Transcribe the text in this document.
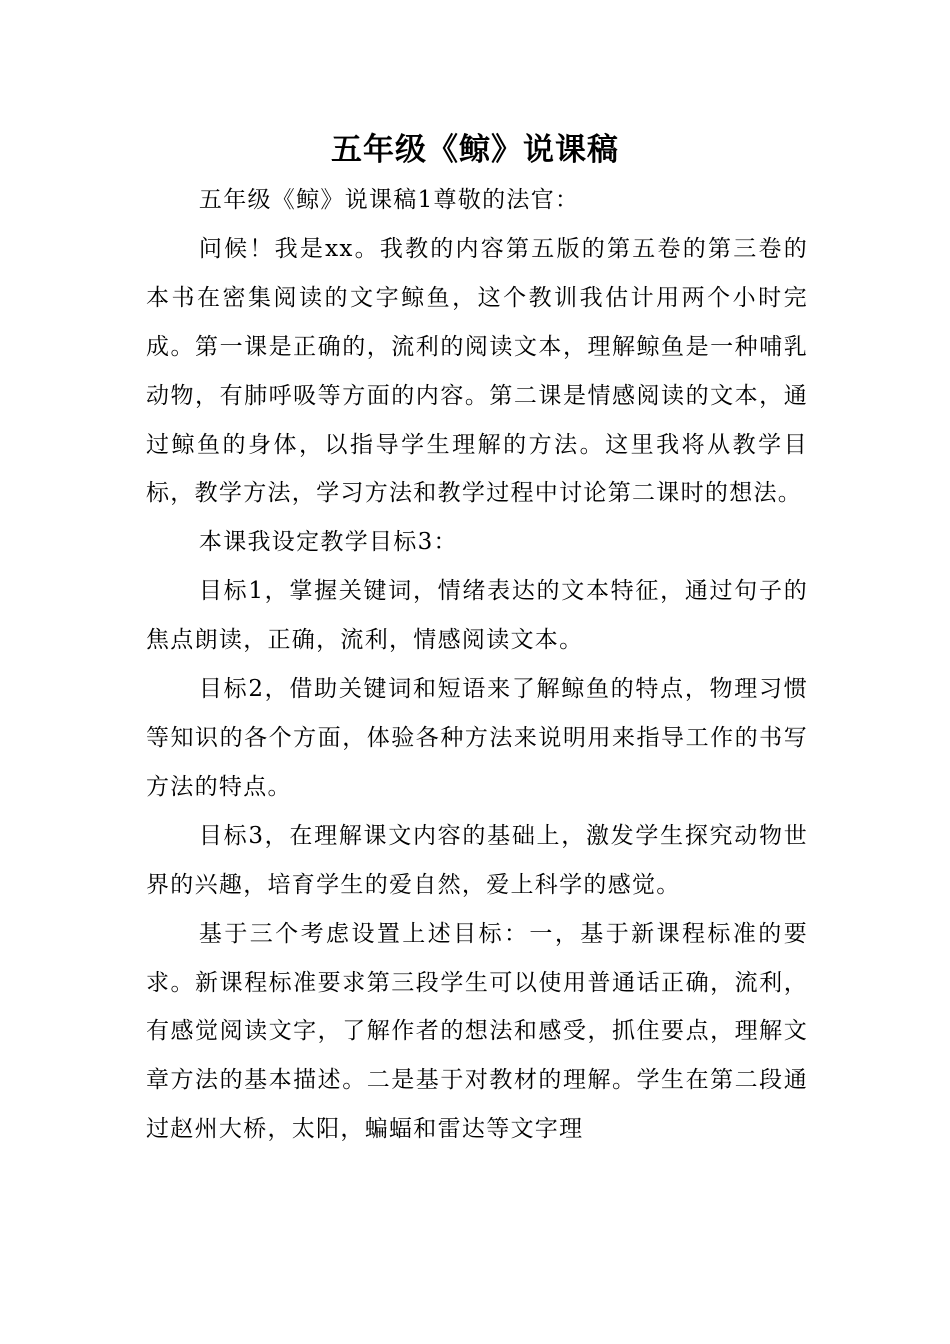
五年级《鲸》说课稿

五年级《鲸》说课稿1尊敬的法官：

问候！我是xx。我教的内容第五版的第五卷的第三卷的本书在密集阅读的文字鲸鱼，这个教训我估计用两个小时完成。第一课是正确的，流利的阅读文本，理解鲸鱼是一种哺乳动物，有肺呼吸等方面的内容。第二课是情感阅读的文本，通过鲸鱼的身体，以指导学生理解的方法。这里我将从教学目标，教学方法，学习方法和教学过程中讨论第二课时的想法。

本课我设定教学目标3：

目标1，掌握关键词，情绪表达的文本特征，通过句子的焦点朗读，正确，流利，情感阅读文本。

目标2，借助关键词和短语来了解鲸鱼的特点，物理习惯等知识的各个方面，体验各种方法来说明用来指导工作的书写方法的特点。

目标3，在理解课文内容的基础上，激发学生探究动物世界的兴趣，培育学生的爱自然，爱上科学的感觉。

基于三个考虑设置上述目标：一，基于新课程标准的要求。新课程标准要求第三段学生可以使用普通话正确，流利，有感觉阅读文字，了解作者的想法和感受，抓住要点，理解文章方法的基本描述。二是基于对教材的理解。学生在第二段通过赵州大桥，太阳，蝙蝠和雷达等文字理
